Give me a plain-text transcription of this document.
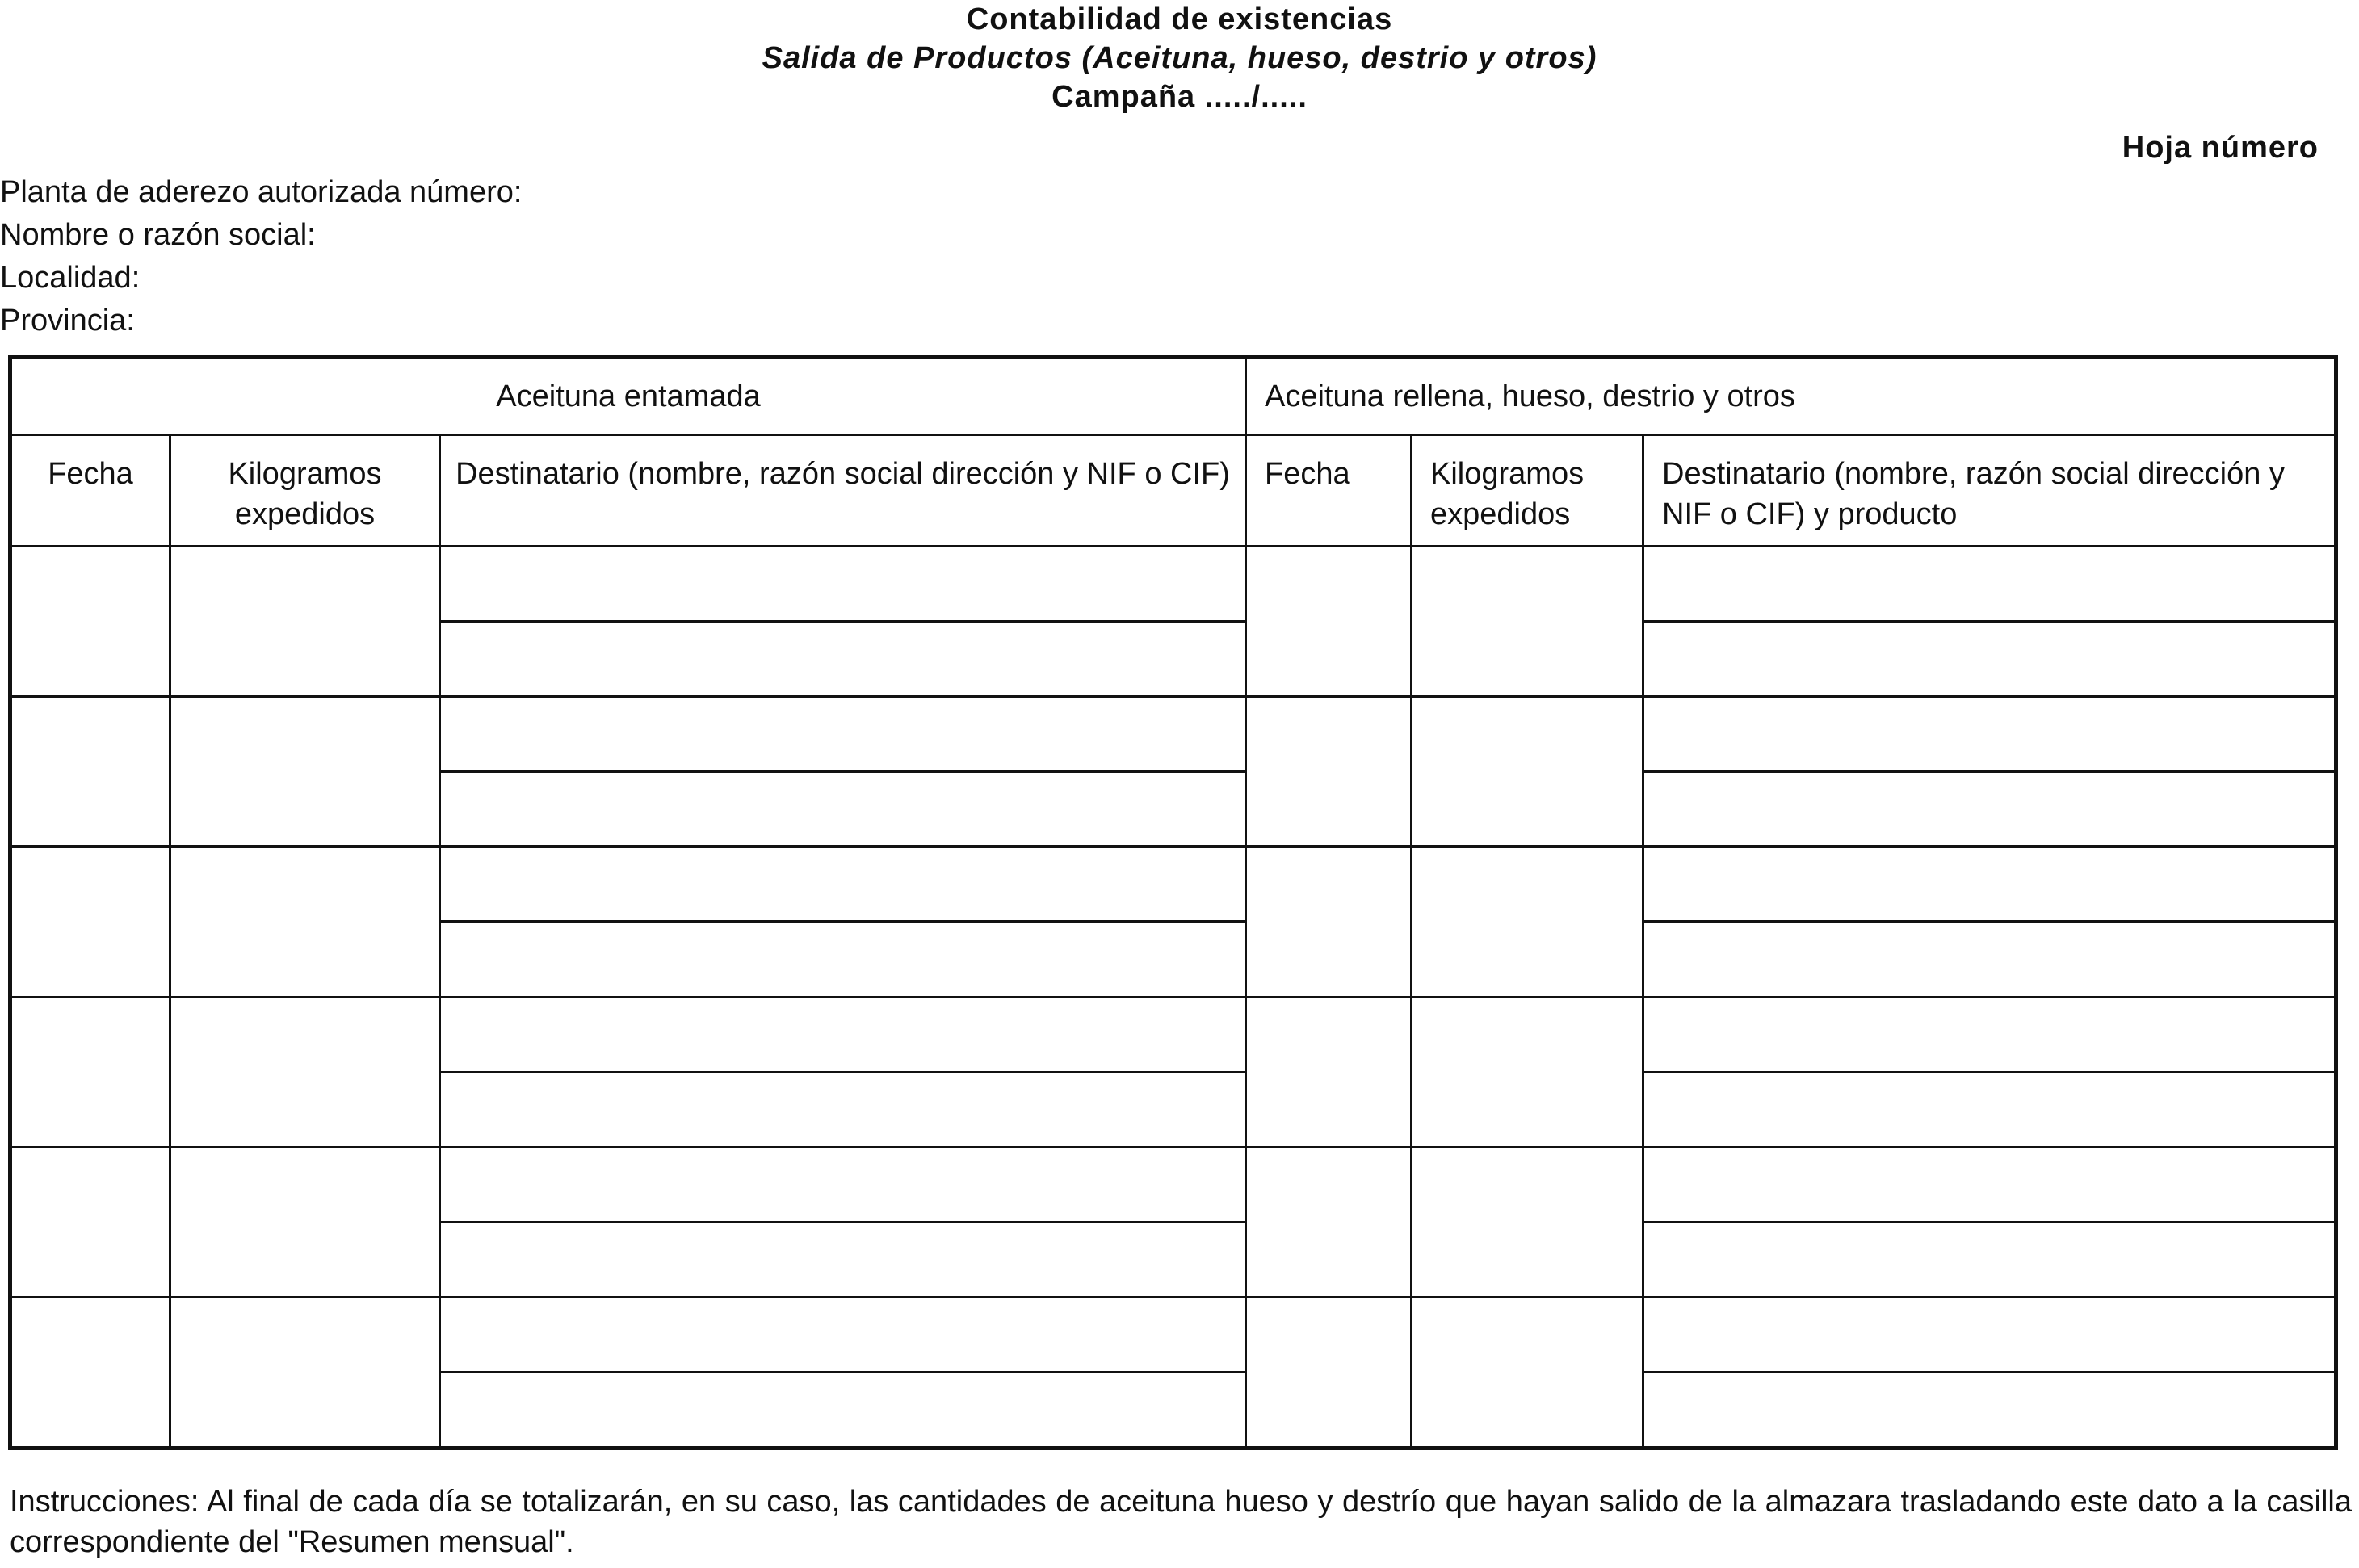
Contabilidad de existencias
Salida de Productos (Aceituna, hueso, destrio y otros)
Campaña ...../.....
Hoja número
Planta de aderezo autorizada número:
Nombre o razón social:
Localidad:
Provincia:
Aceituna entamada			Aceituna rellena, hueso, destrio y otros		
Fecha	Kilogramos expedidos	Destinatario (nombre, razón social dirección y NIF o CIF)	Fecha	Kilogramos expedidos	Destinatario (nombre, razón social dirección y NIF o CIF) y producto

Instrucciones: Al final de cada día se totalizarán, en su caso, las cantidades de aceituna hueso y destrío que hayan salido de la almazara trasladando este dato a la casilla correspondiente del "Resumen mensual".
